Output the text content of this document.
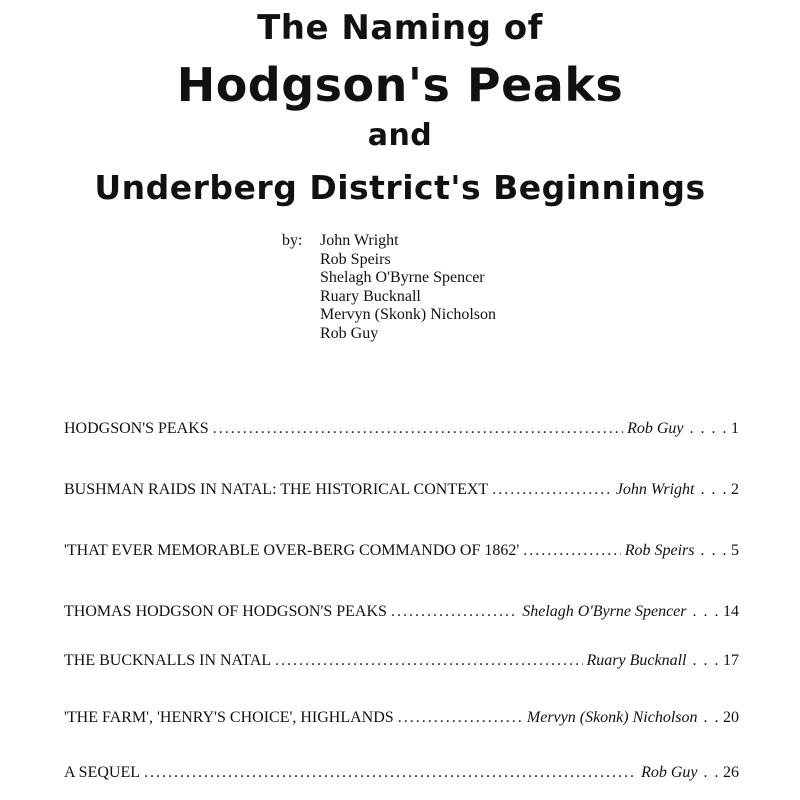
The Naming of
Hodgson's Peaks
and
Underberg District's Beginnings
by: John Wright
Rob Speirs
Shelagh O'Byrne Spencer
Ruary Bucknall
Mervyn (Skonk) Nicholson
Rob Guy
HODGSON'S PEAKS . . .	Rob Guy . . . . 1
BUSHMAN RAIDS IN NATAL: THE HISTORICAL CONTEXT . . .	John Wright . . . 2
'THAT EVER MEMORABLE OVER-BERG COMMANDO OF 1862' . . .	Rob Speirs . . . 5
THOMAS HODGSON OF HODGSON'S PEAKS . . .	Shelagh O'Byrne Spencer . . . 14
THE BUCKNALLS IN NATAL . . .	Ruary Bucknall . . . 17
'THE FARM', 'HENRY'S CHOICE', HIGHLANDS . . .	Mervyn (Skonk) Nicholson . . 20
A SEQUEL . . .	Rob Guy . . 26
